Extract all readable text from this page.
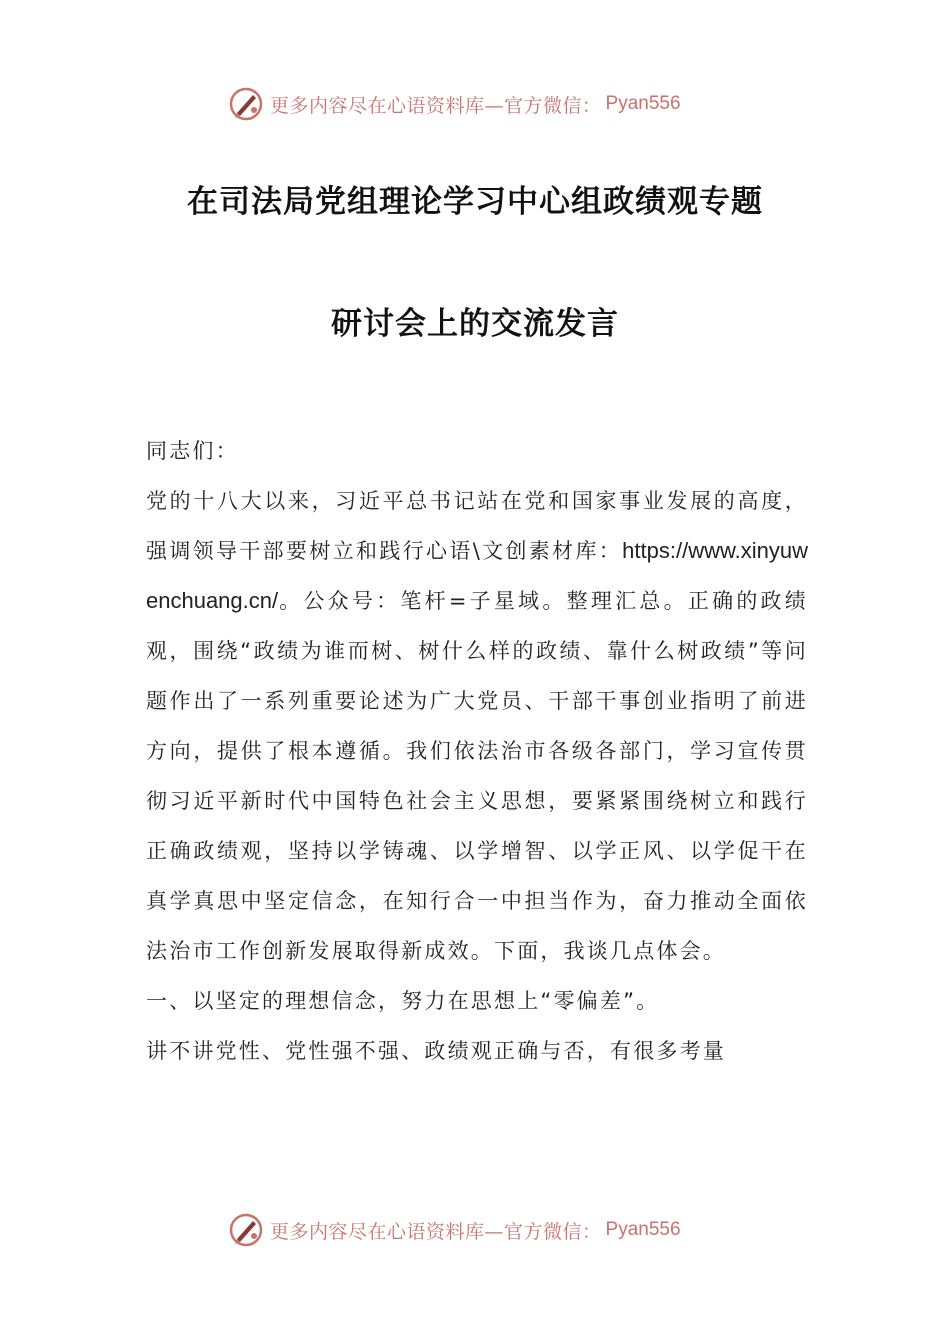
更多内容尽在心语资料库—官方微信： Pyan556
在司法局党组理论学习中心组政绩观专题
研讨会上的交流发言

同志们：

党的十八大以来，习近平总书记站在党和国家事业发展的高度，强调领导干部要树立和践行心语\文创素材库：https://www.xinyuwenchuang.cn/。公众号：笔杆=子星域。整理汇总。正确的政绩观，围绕“政绩为谁而树、树什么样的政绩、靠什么树政绩”等问题作出了一系列重要论述为广大党员、干部干事创业指明了前进方向，提供了根本遵循。我们依法治市各级各部门，学习宣传贯彻习近平新时代中国特色社会主义思想，要紧紧围绕树立和践行正确政绩观，坚持以学铸魂、以学增智、以学正风、以学促干在真学真思中坚定信念，在知行合一中担当作为，奋力推动全面依法治市工作创新发展取得新成效。下面，我谈几点体会。

一、以坚定的理想信念，努力在思想上“零偏差”。

讲不讲党性、党性强不强、政绩观正确与否，有很多考量

更多内容尽在心语资料库—官方微信： Pyan556
